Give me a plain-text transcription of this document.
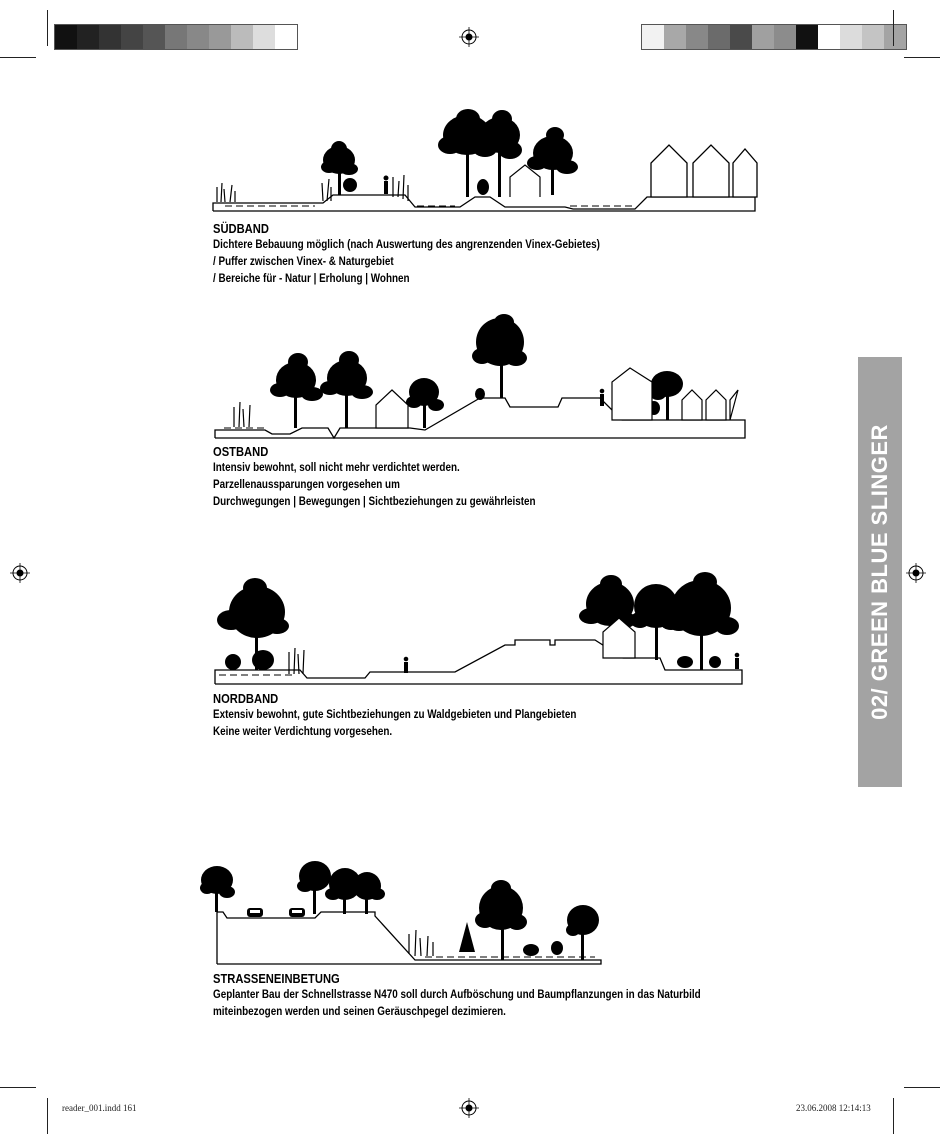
SÜDBAND
Dichtere Bebauung möglich (nach Auswertung des angrenzenden Vinex-Gebietes)
/ Puffer zwischen Vinex- & Naturgebiet
/ Bereiche für - Natur | Erholung | Wohnen
OSTBAND
Intensiv bewohnt, soll nicht mehr verdichtet werden.
Parzellenaussparungen vorgesehen um
Durchwegungen | Bewegungen | Sichtbeziehungen zu gewährleisten
NORDBAND
Extensiv bewohnt, gute Sichtbeziehungen zu Waldgebieten und Plangebieten
Keine weiter Verdichtung vorgesehen.
STRASSENEINBETUNG
Geplanter Bau der Schnellstrasse N470 soll durch Aufböschung und Baumpflanzungen in das Naturbild
miteinbezogen werden und seinen Geräuschpegel dezimieren.
02/ GREEN BLUE SLINGER
reader_001.indd 161	23.06.2008 12:14:13
